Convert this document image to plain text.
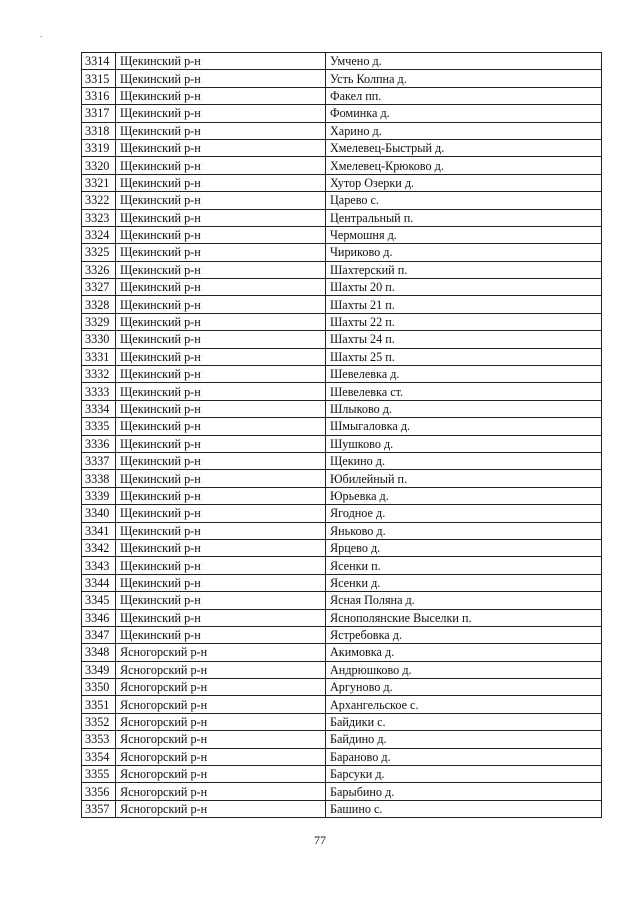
3314	Щекинский р-н	Умчено д.
3315	Щекинский р-н	Усть Колпна д.
3316	Щекинский р-н	Факел пп.
3317	Щекинский р-н	Фоминка д.
3318	Щекинский р-н	Харино д.
3319	Щекинский р-н	Хмелевец-Быстрый д.
3320	Щекинский р-н	Хмелевец-Крюково д.
3321	Щекинский р-н	Хутор Озерки д.
3322	Щекинский р-н	Царево с.
3323	Щекинский р-н	Центральный п.
3324	Щекинский р-н	Чермошня д.
3325	Щекинский р-н	Чириково д.
3326	Щекинский р-н	Шахтерский п.
3327	Щекинский р-н	Шахты 20 п.
3328	Щекинский р-н	Шахты 21 п.
3329	Щекинский р-н	Шахты 22 п.
3330	Щекинский р-н	Шахты 24 п.
3331	Щекинский р-н	Шахты 25 п.
3332	Щекинский р-н	Шевелевка д.
3333	Щекинский р-н	Шевелевка ст.
3334	Щекинский р-н	Шлыково д.
3335	Щекинский р-н	Шмыгаловка д.
3336	Щекинский р-н	Шушково д.
3337	Щекинский р-н	Щекино д.
3338	Щекинский р-н	Юбилейный п.
3339	Щекинский р-н	Юрьевка д.
3340	Щекинский р-н	Ягодное д.
3341	Щекинский р-н	Яньково д.
3342	Щекинский р-н	Ярцево д.
3343	Щекинский р-н	Ясенки п.
3344	Щекинский р-н	Ясенки д.
3345	Щекинский р-н	Ясная Поляна д.
3346	Щекинский р-н	Яснополянские Выселки п.
3347	Щекинский р-н	Ястребовка д.
3348	Ясногорский р-н	Акимовка д.
3349	Ясногорский р-н	Андрюшково д.
3350	Ясногорский р-н	Аргуново д.
3351	Ясногорский р-н	Архангельское с.
3352	Ясногорский р-н	Байдики с.
3353	Ясногорский р-н	Байдино д.
3354	Ясногорский р-н	Бараново д.
3355	Ясногорский р-н	Барсуки д.
3356	Ясногорский р-н	Барыбино д.
3357	Ясногорский р-н	Башино с.
77
